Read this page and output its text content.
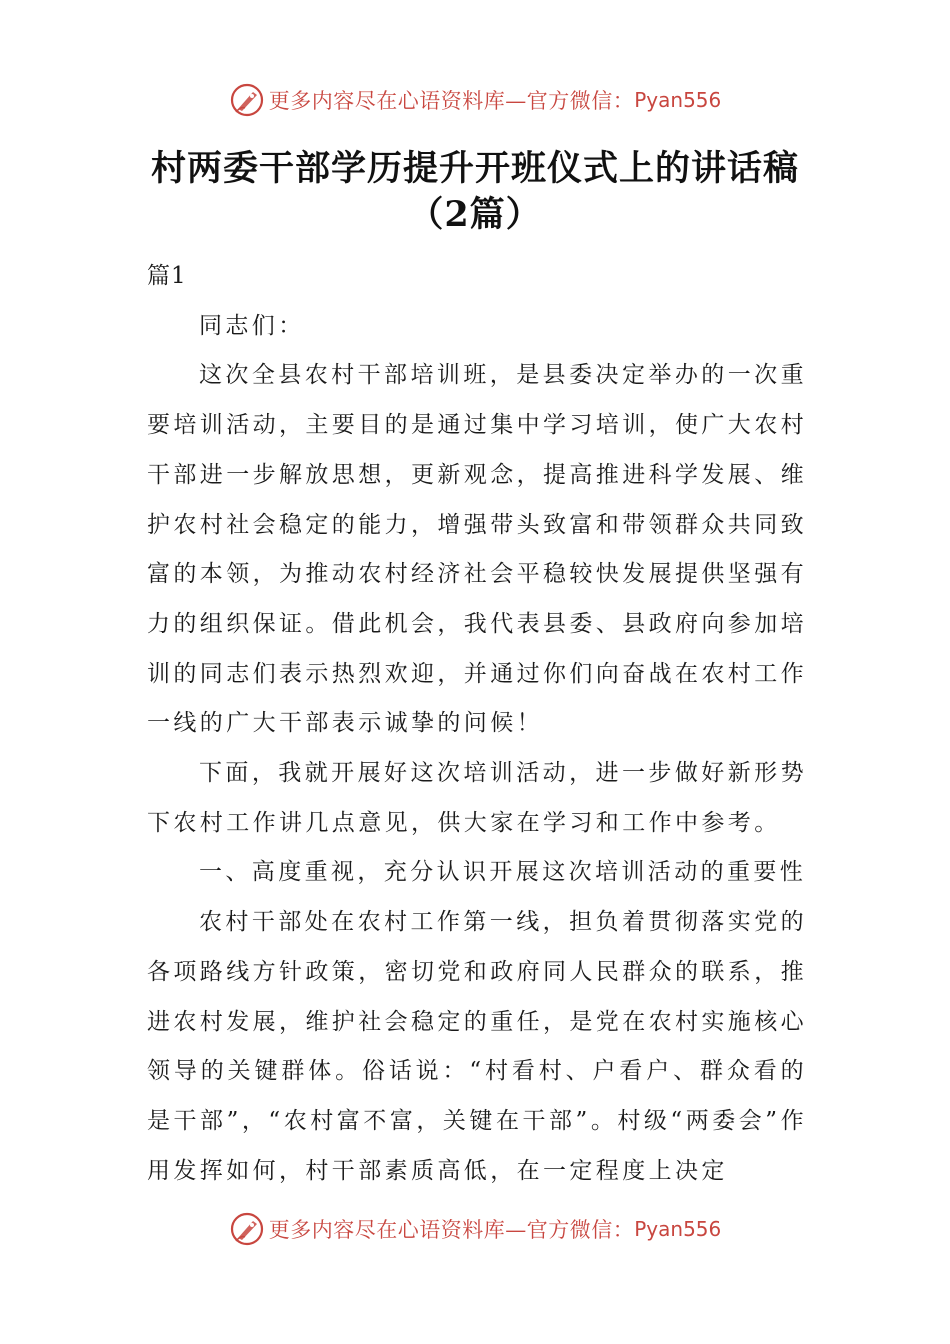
更多内容尽在心语资料库—官方微信： Pyan556
村两委干部学历提升开班仪式上的讲话稿
（2篇）

篇1

同志们：

这次全县农村干部培训班，是县委决定举办的一次重要培训活动，主要目的是通过集中学习培训，使广大农村干部进一步解放思想，更新观念，提高推进科学发展、维护农村社会稳定的能力，增强带头致富和带领群众共同致富的本领，为推动农村经济社会平稳较快发展提供坚强有力的组织保证。借此机会，我代表县委、县政府向参加培训的同志们表示热烈欢迎，并通过你们向奋战在农村工作一线的广大干部表示诚挚的问候！

下面，我就开展好这次培训活动，进一步做好新形势下农村工作讲几点意见，供大家在学习和工作中参考。

一、高度重视，充分认识开展这次培训活动的重要性

农村干部处在农村工作第一线，担负着贯彻落实党的各项路线方针政策，密切党和政府同人民群众的联系，推进农村发展，维护社会稳定的重任，是党在农村实施核心领导的关键群体。俗话说：“村看村、户看户、群众看的是干部”，“农村富不富，关键在干部”。村级“两委会”作用发挥如何，村干部素质高低，在一定程度上决定

更多内容尽在心语资料库—官方微信： Pyan556
